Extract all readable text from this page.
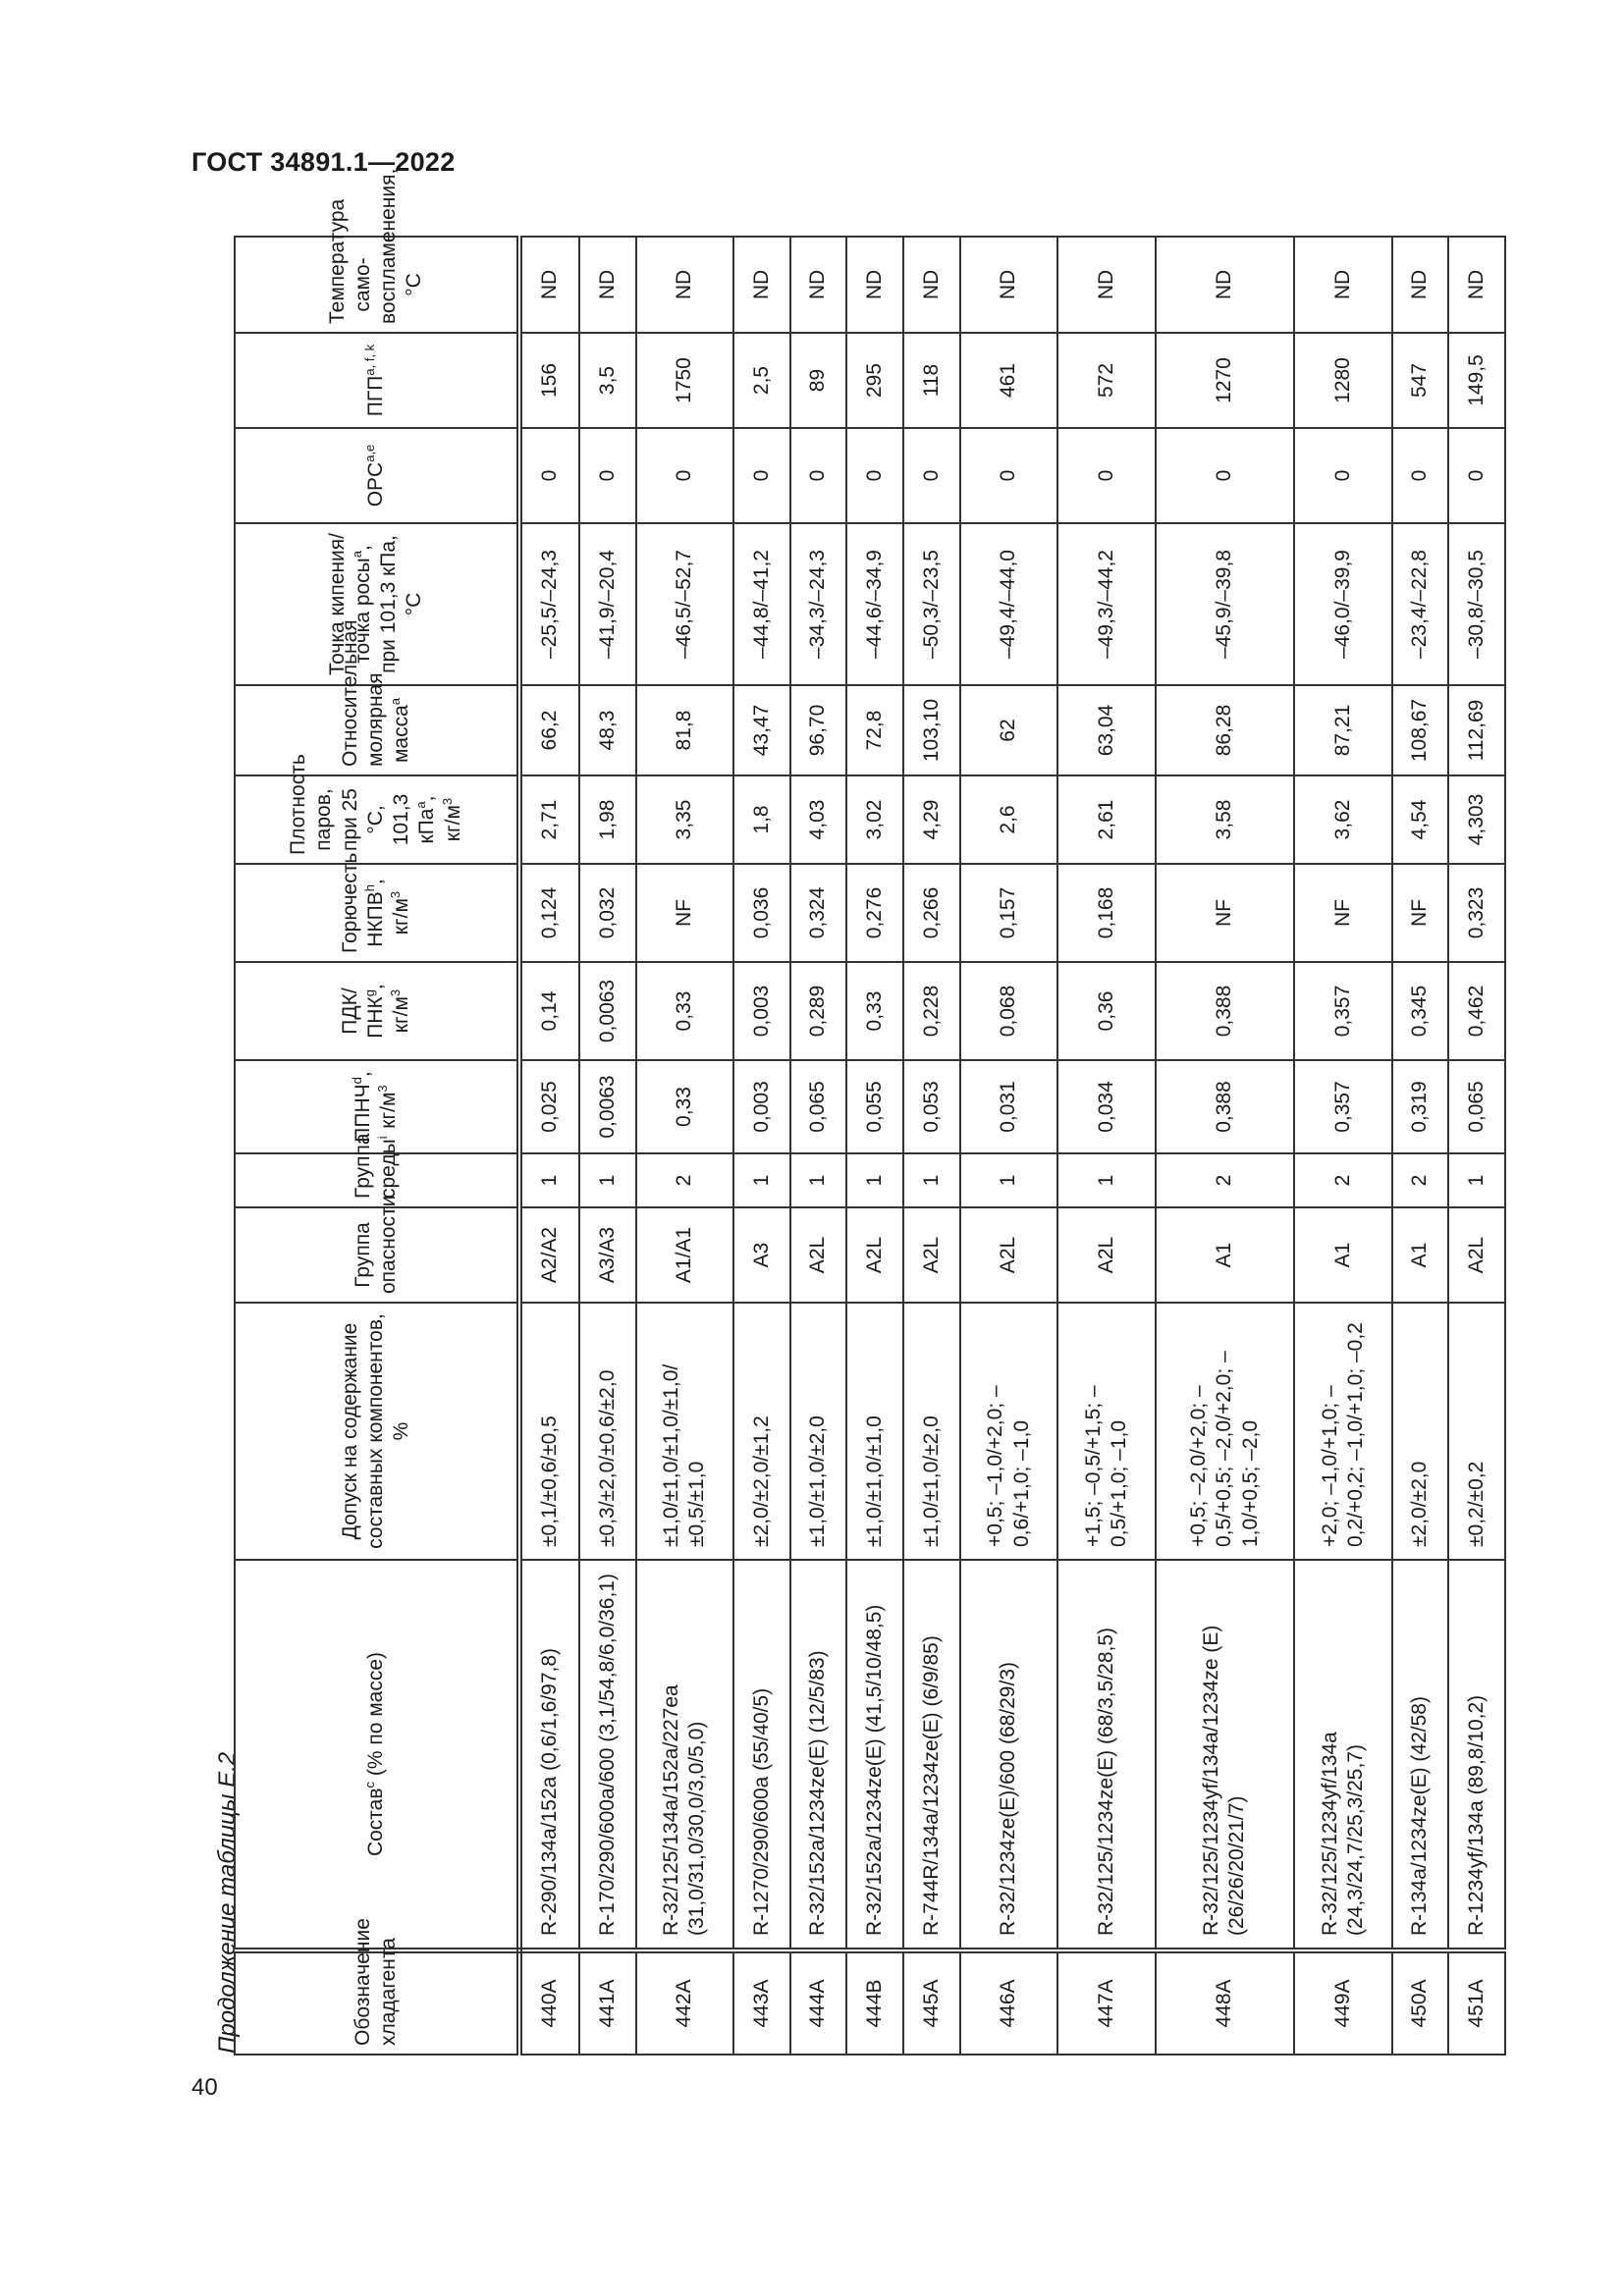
ГОСТ 34891.1—2022
Продолжение таблицы Е.2
40
Обозначение хладагента	Состав$^c$ (% по массе)	Допуск на содержание составных компонентов, %	Группа опасности	Группа среды$^i$	ППНЧ$^d$, $кг/м^3$	ПДК/ПНК$^g$, $кг/м^3$	Горючесть НКПВ$^h$, $кг/м^3$	Плотность паров, при 25 °С, 101,3 кПа$^a$, $кг/м^3$	Относительная молярная масса$^a$	Точка кипения/точка росы$^a$, при 101,3 кПа, °С	OPC$^{a,e}$	ПГП$^{a, f, k}$	Температура само-воспламенения, °С
440A	R-290/134a/152a (0,6/1,6/97,8)	±0,1/±0,6/±0,5	A2/A2	1	0,025	0,14	0,124	2,71	66,2	–25,5/–24,3	0	156	ND
441A	R-170/290/600a/600 (3,1/54,8/6,0/36,1)	±0,3/±2,0/±0,6/±2,0	A3/A3	1	0,0063	0,0063	0,032	1,98	48,3	–41,9/–20,4	0	3,5	ND
442A	R-32/125/134a/152a/227ea (31,0/31,0/30,0/3,0/5,0)	±1,0/±1,0/±1,0/±1,0/ ±0,5/±1,0	A1/A1	2	0,33	0,33	NF	3,35	81,8	–46,5/–52,7	0	1750	ND
443A	R-1270/290/600a (55/40/5)	±2,0/±2,0/±1,2	A3	1	0,003	0,003	0,036	1,8	43,47	–44,8/–41,2	0	2,5	ND
444A	R-32/152a/1234ze(E) (12/5/83)	±1,0/±1,0/±2,0	A2L	1	0,065	0,289	0,324	4,03	96,70	–34,3/–24,3	0	89	ND
444B	R-32/152a/1234ze(E) (41,5/10/48,5)	±1,0/±1,0/±1,0	A2L	1	0,055	0,33	0,276	3,02	72,8	–44,6/–34,9	0	295	ND
445A	R-744R/134a/1234ze(E) (6/9/85)	±1,0/±1,0/±2,0	A2L	1	0,053	0,228	0,266	4,29	103,10	–50,3/–23,5	0	118	ND
446A	R-32/1234ze(E)/600 (68/29/3)	+0,5; –1,0/+2,0; –0,6/+1,0; –1,0	A2L	1	0,031	0,068	0,157	2,6	62	–49,4/–44,0	0	461	ND
447A	R-32/125/1234ze(E) (68/3,5/28,5)	+1,5; –0,5/+1,5; –0,5/+1,0; –1,0	A2L	1	0,034	0,36	0,168	2,61	63,04	–49,3/–44,2	0	572	ND
448A	R-32/125/1234yf/134a/1234ze (E) (26/26/20/21/7)	+0,5; –2,0/+2,0; –0,5/+0,5; –2,0/+2,0; –1,0/+0,5; –2,0	A1	2	0,388	0,388	NF	3,58	86,28	–45,9/–39,8	0	1270	ND
449A	R-32/125/1234yf/134a (24,3/24,7/25,3/25,7)	+2,0; –1,0/+1,0; –0,2/+0,2; –1,0/+1,0; –0,2	A1	2	0,357	0,357	NF	3,62	87,21	–46,0/–39,9	0	1280	ND
450A	R-134a/1234ze(E) (42/58)	±2,0/±2,0	A1	2	0,319	0,345	NF	4,54	108,67	–23,4/–22,8	0	547	ND
451A	R-1234yf/134a (89,8/10,2)	±0,2/±0,2	A2L	1	0,065	0,462	0,323	4,303	112,69	–30,8/–30,5	0	149,5	ND
